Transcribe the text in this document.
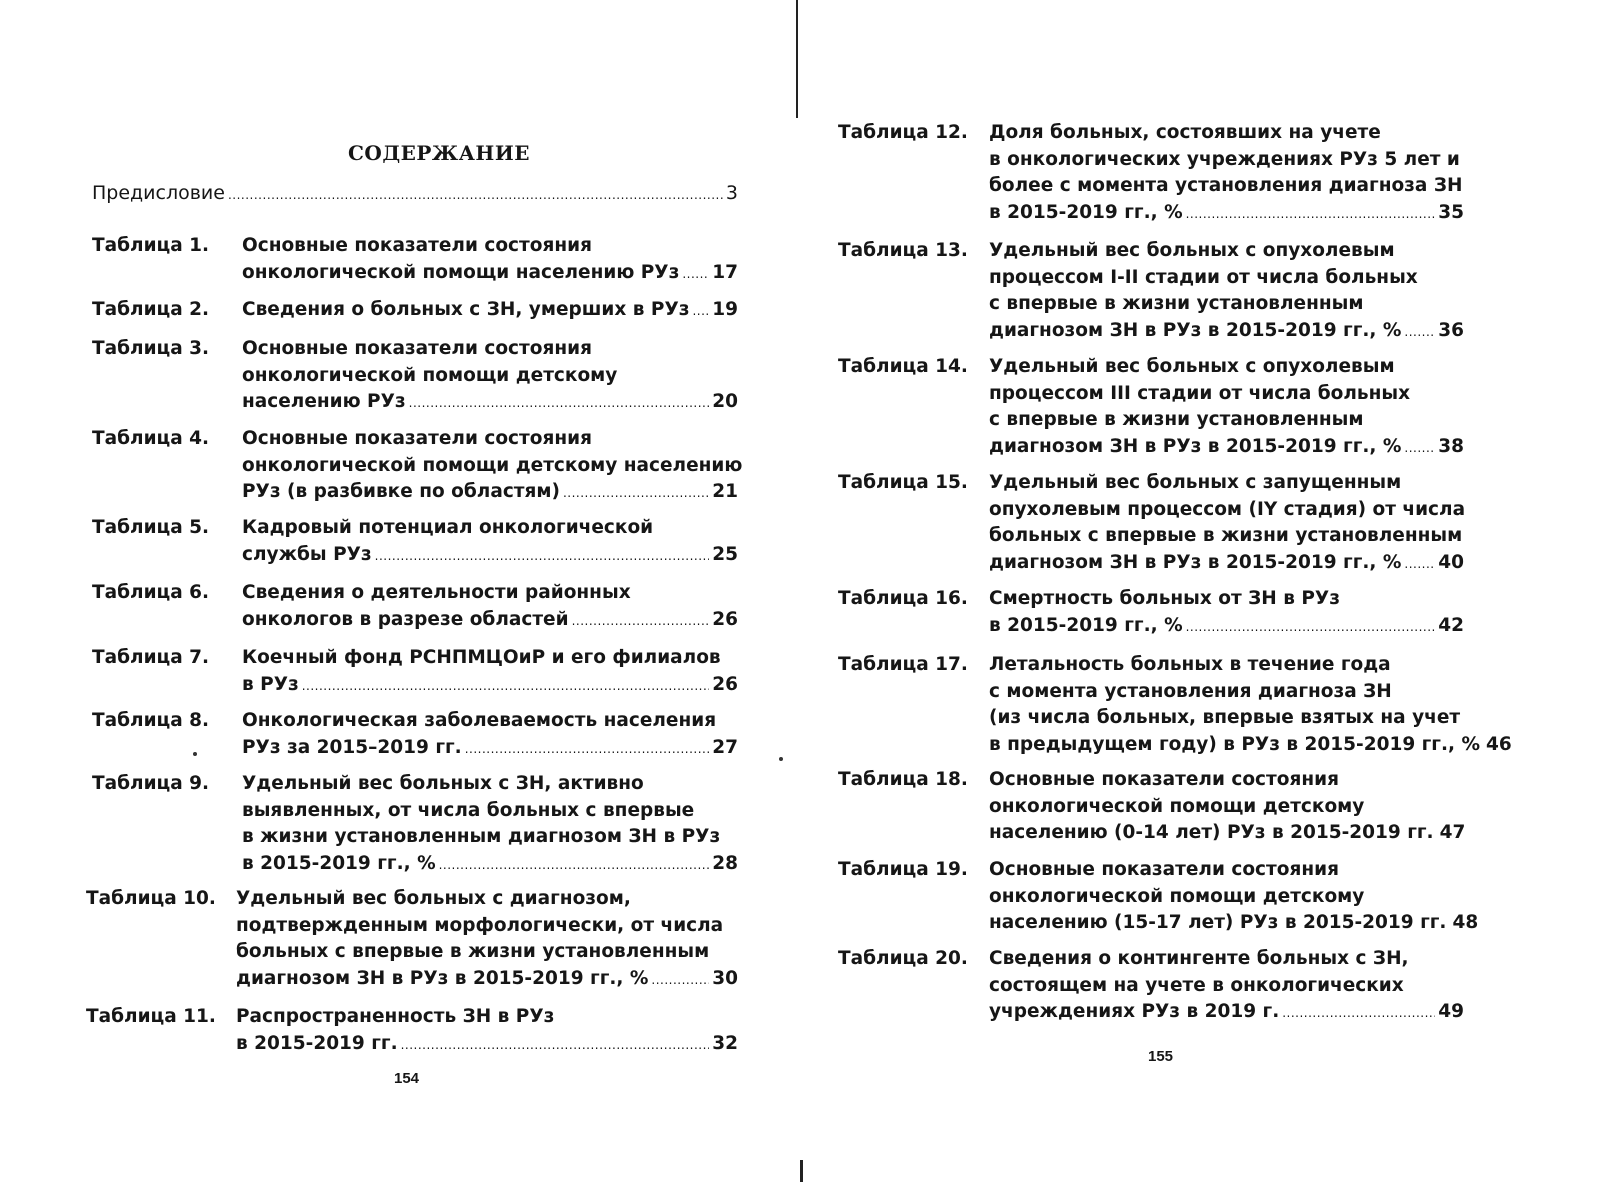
СОДЕРЖАНИЕ
Предисловие .....	3
Таблица 1. Основные показатели состояния
онкологической помощи населению РУз ..... 17
Таблица 2. Сведения о больных с ЗН, умерших в РУз ..... 19
Таблица 3. Основные показатели состояния
онкологической помощи детскому
населению РУз .....	20
Таблица 4. Основные показатели состояния
онкологической помощи детскому населению
РУз (в разбивке по областям) .....	21
Таблица 5. Кадровый потенциал онкологической
службы РУз .....	25
Таблица 6. Сведения о деятельности районных
онкологов в разрезе областей .....	26
Таблица 7. Коечный фонд РСНПМЦОиР и его филиалов
в РУз .....	26
Таблица 8. Онкологическая заболеваемость населения
РУз за 2015–2019 гг. .....	27
Таблица 9. Удельный вес больных с ЗН, активно
выявленных, от числа больных с впервые
в жизни установленным диагнозом ЗН в РУз
в 2015-2019 гг., % .....	28
Таблица 10. Удельный вес больных с диагнозом,
подтвержденным морфологически, от числа
больных с впервые в жизни установленным
диагнозом ЗН в РУз в 2015-2019 гг., % .....	30
Таблица 11. Распространенность ЗН в РУз
в 2015-2019 гг. .....	32
154
Таблица 12. Доля больных, состоявших на учете
в онкологических учреждениях РУз 5 лет и
более с момента установления диагноза ЗН
в 2015-2019 гг., % .....	35
Таблица 13. Удельный вес больных с опухолевым
процессом I-II стадии от числа больных
с впервые в жизни установленным
диагнозом ЗН в РУз в 2015-2019 гг., % ..... 36
Таблица 14. Удельный вес больных с опухолевым
процессом III стадии от числа больных
с впервые в жизни установленным
диагнозом ЗН в РУз в 2015-2019 гг., % ..... 38
Таблица 15. Удельный вес больных с запущенным
опухолевым процессом (IY стадия) от числа
больных с впервые в жизни установленным
диагнозом ЗН в РУз в 2015-2019 гг., % ..... 40
Таблица 16. Смертность больных от ЗН в РУз
в 2015-2019 гг., % .....	42
Таблица 17. Летальность больных в течение года
с момента установления диагноза ЗН
(из числа больных, впервые взятых на учет
в предыдущем году) в РУз в 2015-2019 гг., % 46
Таблица 18. Основные показатели состояния
онкологической помощи детскому
населению (0-14 лет) РУз в 2015-2019 гг. 47
Таблица 19. Основные показатели состояния
онкологической помощи детскому
населению (15-17 лет) РУз в 2015-2019 гг. 48
Таблица 20. Сведения о контингенте больных с ЗН,
состоящем на учете в онкологических
учреждениях РУз в 2019 г. .....	49
155
